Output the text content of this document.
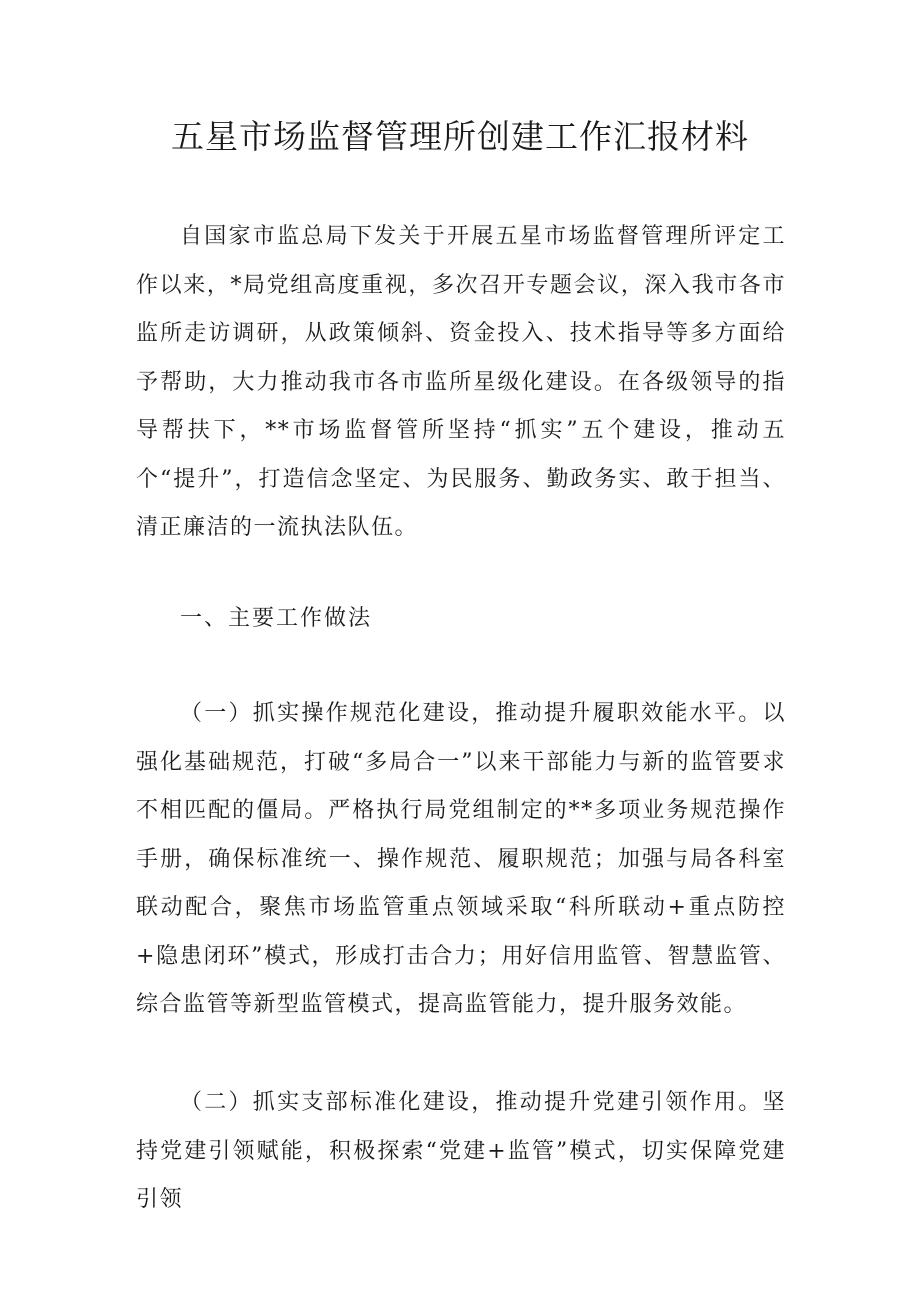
五星市场监督管理所创建工作汇报材料

自国家市监总局下发关于开展五星市场监督管理所评定工作以来，*局党组高度重视，多次召开专题会议，深入我市各市监所走访调研，从政策倾斜、资金投入、技术指导等多方面给予帮助，大力推动我市各市监所星级化建设。在各级领导的指导帮扶下，**市场监督管所坚持“抓实”五个建设，推动五个“提升”，打造信念坚定、为民服务、勤政务实、敢于担当、清正廉洁的一流执法队伍。

一、主要工作做法

（一）抓实操作规范化建设，推动提升履职效能水平。以强化基础规范，打破“多局合一”以来干部能力与新的监管要求不相匹配的僵局。严格执行局党组制定的**多项业务规范操作手册，确保标准统一、操作规范、履职规范；加强与局各科室联动配合，聚焦市场监管重点领域采取“科所联动+重点防控+隐患闭环”模式，形成打击合力；用好信用监管、智慧监管、综合监管等新型监管模式，提高监管能力，提升服务效能。

（二）抓实支部标准化建设，推动提升党建引领作用。坚持党建引领赋能，积极探索“党建+监管”模式，切实保障党建引领
